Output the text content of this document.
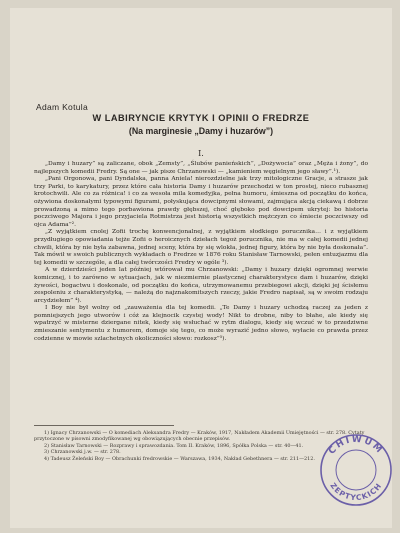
Adam Kotula
W LABIRYNCIE KRYTYK I OPINII O FREDRZE
(Na marginesie „Damy i huzarów”)
I.

„Damy i huzary” są zaliczane, obok „Zemsty”, „Ślubów panieńskich”, „Dożywocia” oraz „Męża i żony”, do najlepszych komedii Fredry. Są one — jak pisze Chrzanowski — „kamieniem węgielnym jego sławy”.¹).

„Pani Orgonowa, pani Dyndalska, panna Aniela! nierozdzielne jak trzy mitologiczne Gracje, a strasze jak trzy Parki, to karykatury, przez które cała historia Damy i huzarów przechodzi w ton prostej, nieco rubasznej krotochwili. Ale co za różnica! i co za wesoła mila komedyjka, pełna humoru, śmieszna od początku do końca, ożywiona doskonałymi typowymi figurami, połyskująca dowcipnymi słowami, zajmująca akcją ciekawą i dobrze prowadzoną a mimo tego porbawiona prawdy głębszej, choć głęboko pod dowcipem ukrytej: bo historia poczciwego Majora i jego przyjaciela Rotmistrza jest historią wszystkich mężczyzn co śmiecie poczciwszy od ojca Adama”².

„Z wyjątkiem cnolej Zofii trochę konwencjonalnej, z wyjątkiem słodkiego porucznika… i z wyjątkiem przydługiego opowiadania tejże Zofii o heroicznych dziełach tegoż porucznika, nie ma w całej komedii jednej chwili, która by nie była zabawna, jednej sceny, która by się wlokła, jednej figury, która by nie była doskonała”. Tak mówił w swoich publicznych wykładach o Fredrze w 1876 roku Stanisław Tarnowski, pełen entuzjazmu dla tej komedii w szczególe, a dla całej twórczości Fredry w ogóle ³).

A w dzierdzieści jeden lat później wtórował mu Chrzanowski: „Damy i huzary dzięki ogromnej werwie komicznej, i to zarówno w sytuacjach, jak w niezmiernie plastycznej charakterystyce dam i huzarów, dzięki żywości, bogactwu i doskonale, od początku do końca, utrzymowanemu przebiegowi akcji, dzięki jej ścisłemu zespoleniu z charakterystyką, — należą do najznakomitszych rzeczy, jakie Fredro napisał, są w swoim rodzaju arcydziełem” ⁴).

I Boy nie był wolny od „zauważenia dla tej komedii. „Te Damy i huzary uchodzą raczej za jeden z pomniejszych jego utworów i cóż za klejnocik czystej wody! Nikt to drobne, niby to błahe, ale kiedy się wpatrzyć w misterne dziergane nitek, kiedy się wsłuchać w rytm dialogu, kiedy się wczuć w to przedziwne zmieszanie sentymentu z humorem, domoje się tego, co może wyrazić jedno słowo, wyłacie co prawda przez codzienne w mowie szlachetnych okoliczności słowo: rozkosz”⁵).

1) Ignacy Chrzanowski — O komediach Aleksandra Fredry — Kraków, 1917, Nakładem Akademii Umiejętności — str. 278. Cytaty przytoczone w pisowni zmodyfikowanej wg obowiązujących obecnie przepisów.

2) Stanisław Tarnowski — Rozprawy i sprawozdania. Tom II. Kraków, 1896, Spółka Polska — str. 40—41.

3) Chrzanowski j.w. — str. 278.

4) Tadeusz Żeleński Boy — Obrachunki fredrowskie — Warszawa, 1934, Nakład Gebethnera — str. 211—212.

CHIWUM
ZEPTYCKICH
